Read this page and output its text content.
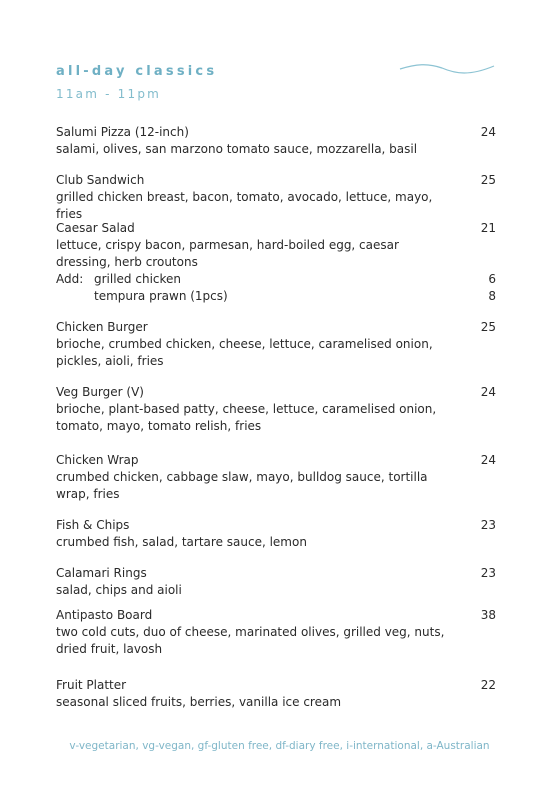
all-day classics
11am - 11pm
Salumi Pizza (12-inch)	24
salami, olives, san marzono tomato sauce, mozzarella, basil
Club Sandwich	25
grilled chicken breast, bacon, tomato, avocado, lettuce, mayo, fries
Caesar Salad	21
lettuce, crispy bacon, parmesan, hard-boiled egg, caesar dressing, herb croutons
Add: grilled chicken	6
tempura prawn (1pcs)	8
Chicken Burger	25
brioche, crumbed chicken, cheese, lettuce, caramelised onion, pickles, aioli, fries
Veg Burger (V)	24
brioche, plant-based patty, cheese, lettuce, caramelised onion, tomato, mayo, tomato relish, fries
Chicken Wrap	24
crumbed chicken, cabbage slaw, mayo, bulldog sauce, tortilla wrap, fries
Fish & Chips	23
crumbed fish, salad, tartare sauce, lemon
Calamari Rings	23
salad, chips and aioli
Antipasto Board	38
two cold cuts, duo of cheese, marinated olives, grilled veg, nuts, dried fruit, lavosh
Fruit Platter	22
seasonal sliced fruits, berries, vanilla ice cream
v-vegetarian, vg-vegan, gf-gluten free, df-diary free, i-international, a-Australian
